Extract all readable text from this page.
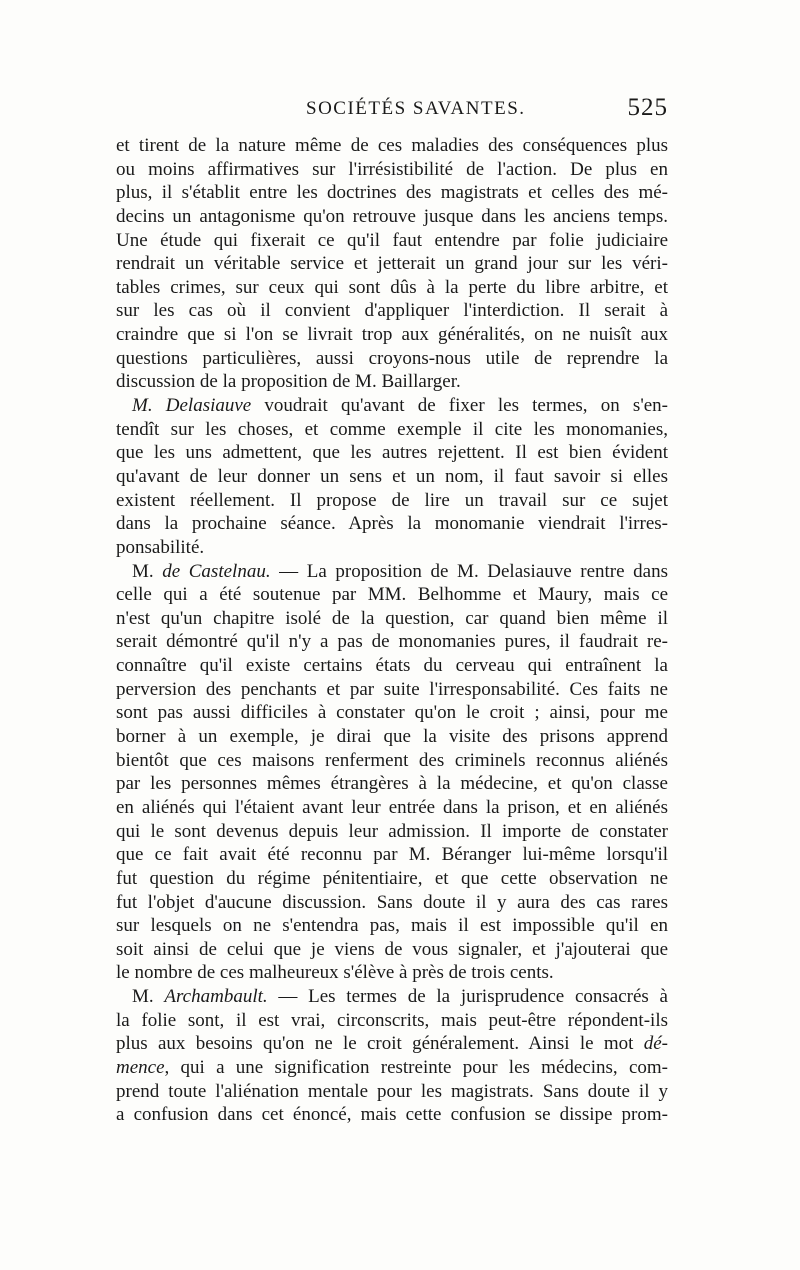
SOCIÉTÉS SAVANTES.	525
et tirent de la nature même de ces maladies des conséquences plus
ou moins affirmatives sur l'irrésistibilité de l'action. De plus en
plus, il s'établit entre les doctrines des magistrats et celles des mé-
decins un antagonisme qu'on retrouve jusque dans les anciens temps.
Une étude qui fixerait ce qu'il faut entendre par folie judiciaire
rendrait un véritable service et jetterait un grand jour sur les véri-
tables crimes, sur ceux qui sont dûs à la perte du libre arbitre, et
sur les cas où il convient d'appliquer l'interdiction. Il serait à
craindre que si l'on se livrait trop aux généralités, on ne nuisît aux
questions particulières, aussi croyons-nous utile de reprendre la
discussion de la proposition de M. Baillarger.
M. Delasiauve voudrait qu'avant de fixer les termes, on s'en-
tendît sur les choses, et comme exemple il cite les monomanies,
que les uns admettent, que les autres rejettent. Il est bien évident
qu'avant de leur donner un sens et un nom, il faut savoir si elles
existent réellement. Il propose de lire un travail sur ce sujet
dans la prochaine séance. Après la monomanie viendrait l'irres-
ponsabilité.
M. de Castelnau. — La proposition de M. Delasiauve rentre dans
celle qui a été soutenue par MM. Belhomme et Maury, mais ce
n'est qu'un chapitre isolé de la question, car quand bien même il
serait démontré qu'il n'y a pas de monomanies pures, il faudrait re-
connaître qu'il existe certains états du cerveau qui entraînent la
perversion des penchants et par suite l'irresponsabilité. Ces faits ne
sont pas aussi difficiles à constater qu'on le croit ; ainsi, pour me
borner à un exemple, je dirai que la visite des prisons apprend
bientôt que ces maisons renferment des criminels reconnus aliénés
par les personnes mêmes étrangères à la médecine, et qu'on classe
en aliénés qui l'étaient avant leur entrée dans la prison, et en aliénés
qui le sont devenus depuis leur admission. Il importe de constater
que ce fait avait été reconnu par M. Béranger lui-même lorsqu'il
fut question du régime pénitentiaire, et que cette observation ne
fut l'objet d'aucune discussion. Sans doute il y aura des cas rares
sur lesquels on ne s'entendra pas, mais il est impossible qu'il en
soit ainsi de celui que je viens de vous signaler, et j'ajouterai que
le nombre de ces malheureux s'élève à près de trois cents.
M. Archambault. — Les termes de la jurisprudence consacrés à
la folie sont, il est vrai, circonscrits, mais peut-être répondent-ils
plus aux besoins qu'on ne le croit généralement. Ainsi le mot dé-
mence, qui a une signification restreinte pour les médecins, com-
prend toute l'aliénation mentale pour les magistrats. Sans doute il y
a confusion dans cet énoncé, mais cette confusion se dissipe prom-
